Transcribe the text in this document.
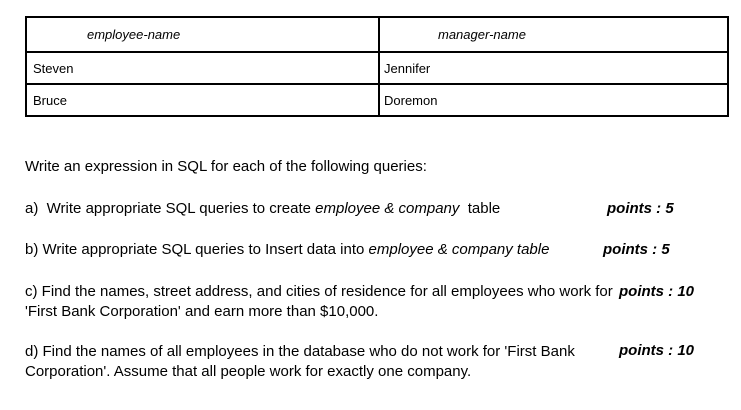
employee-name	manager-name
Steven	Jennifer
Bruce	Doremon
Write an expression in SQL for each of the following queries:
a)  Write appropriate SQL queries to create employee & company  table	points : 5
b) Write appropriate SQL queries to Insert data into employee & company table	points : 5
c) Find the names, street address, and cities of residence for all employees who work for
'First Bank Corporation' and earn more than $10,000.
points : 10
d) Find the names of all employees in the database who do not work for 'First Bank
Corporation'. Assume that all people work for exactly one company.
points : 10
